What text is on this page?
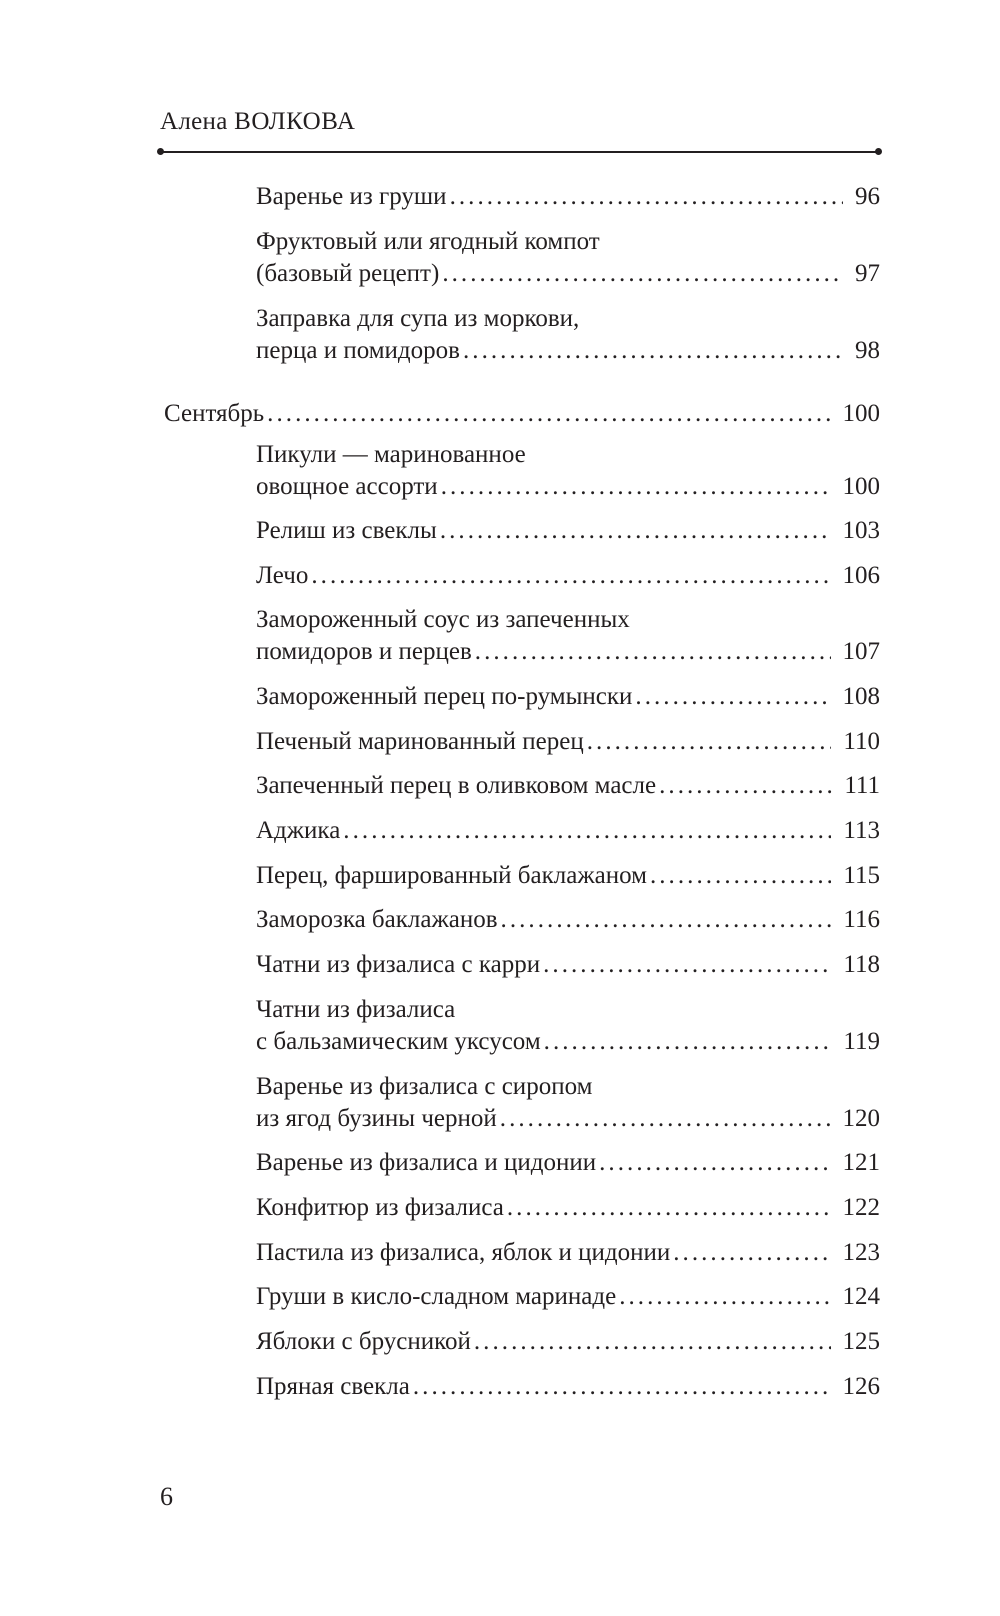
Алена ВОЛКОВА
Варенье из груши . . .	96
Фруктовый или ягодный компот
(базовый рецепт) . . .	97
Заправка для супа из моркови,
перца и помидоров . . .	98
Сентябрь . . .	100
Пикули — маринованное
овощное ассорти . . .	100
Релиш из свеклы . . .	103
Лечо . . .	106
Замороженный соус из запеченных
помидоров и перцев . . .	107
Замороженный перец по-румынски . . .	108
Печеный маринованный перец . . .	110
Запеченный перец в оливковом масле . . .	111
Аджика . . .	113
Перец, фаршированный баклажаном . . .	115
Заморозка баклажанов . . .	116
Чатни из физалиса с карри . . .	118
Чатни из физалиса
с бальзамическим уксусом . . .	119
Варенье из физалиса с сиропом
из ягод бузины черной . . .	120
Варенье из физалиса и цидонии . . .	121
Конфитюр из физалиса . . .	122
Пастила из физалиса, яблок и цидонии . . .	123
Груши в кисло-сладном маринаде . . .	124
Яблоки с брусникой . . .	125
Пряная свекла . . .	126
6
